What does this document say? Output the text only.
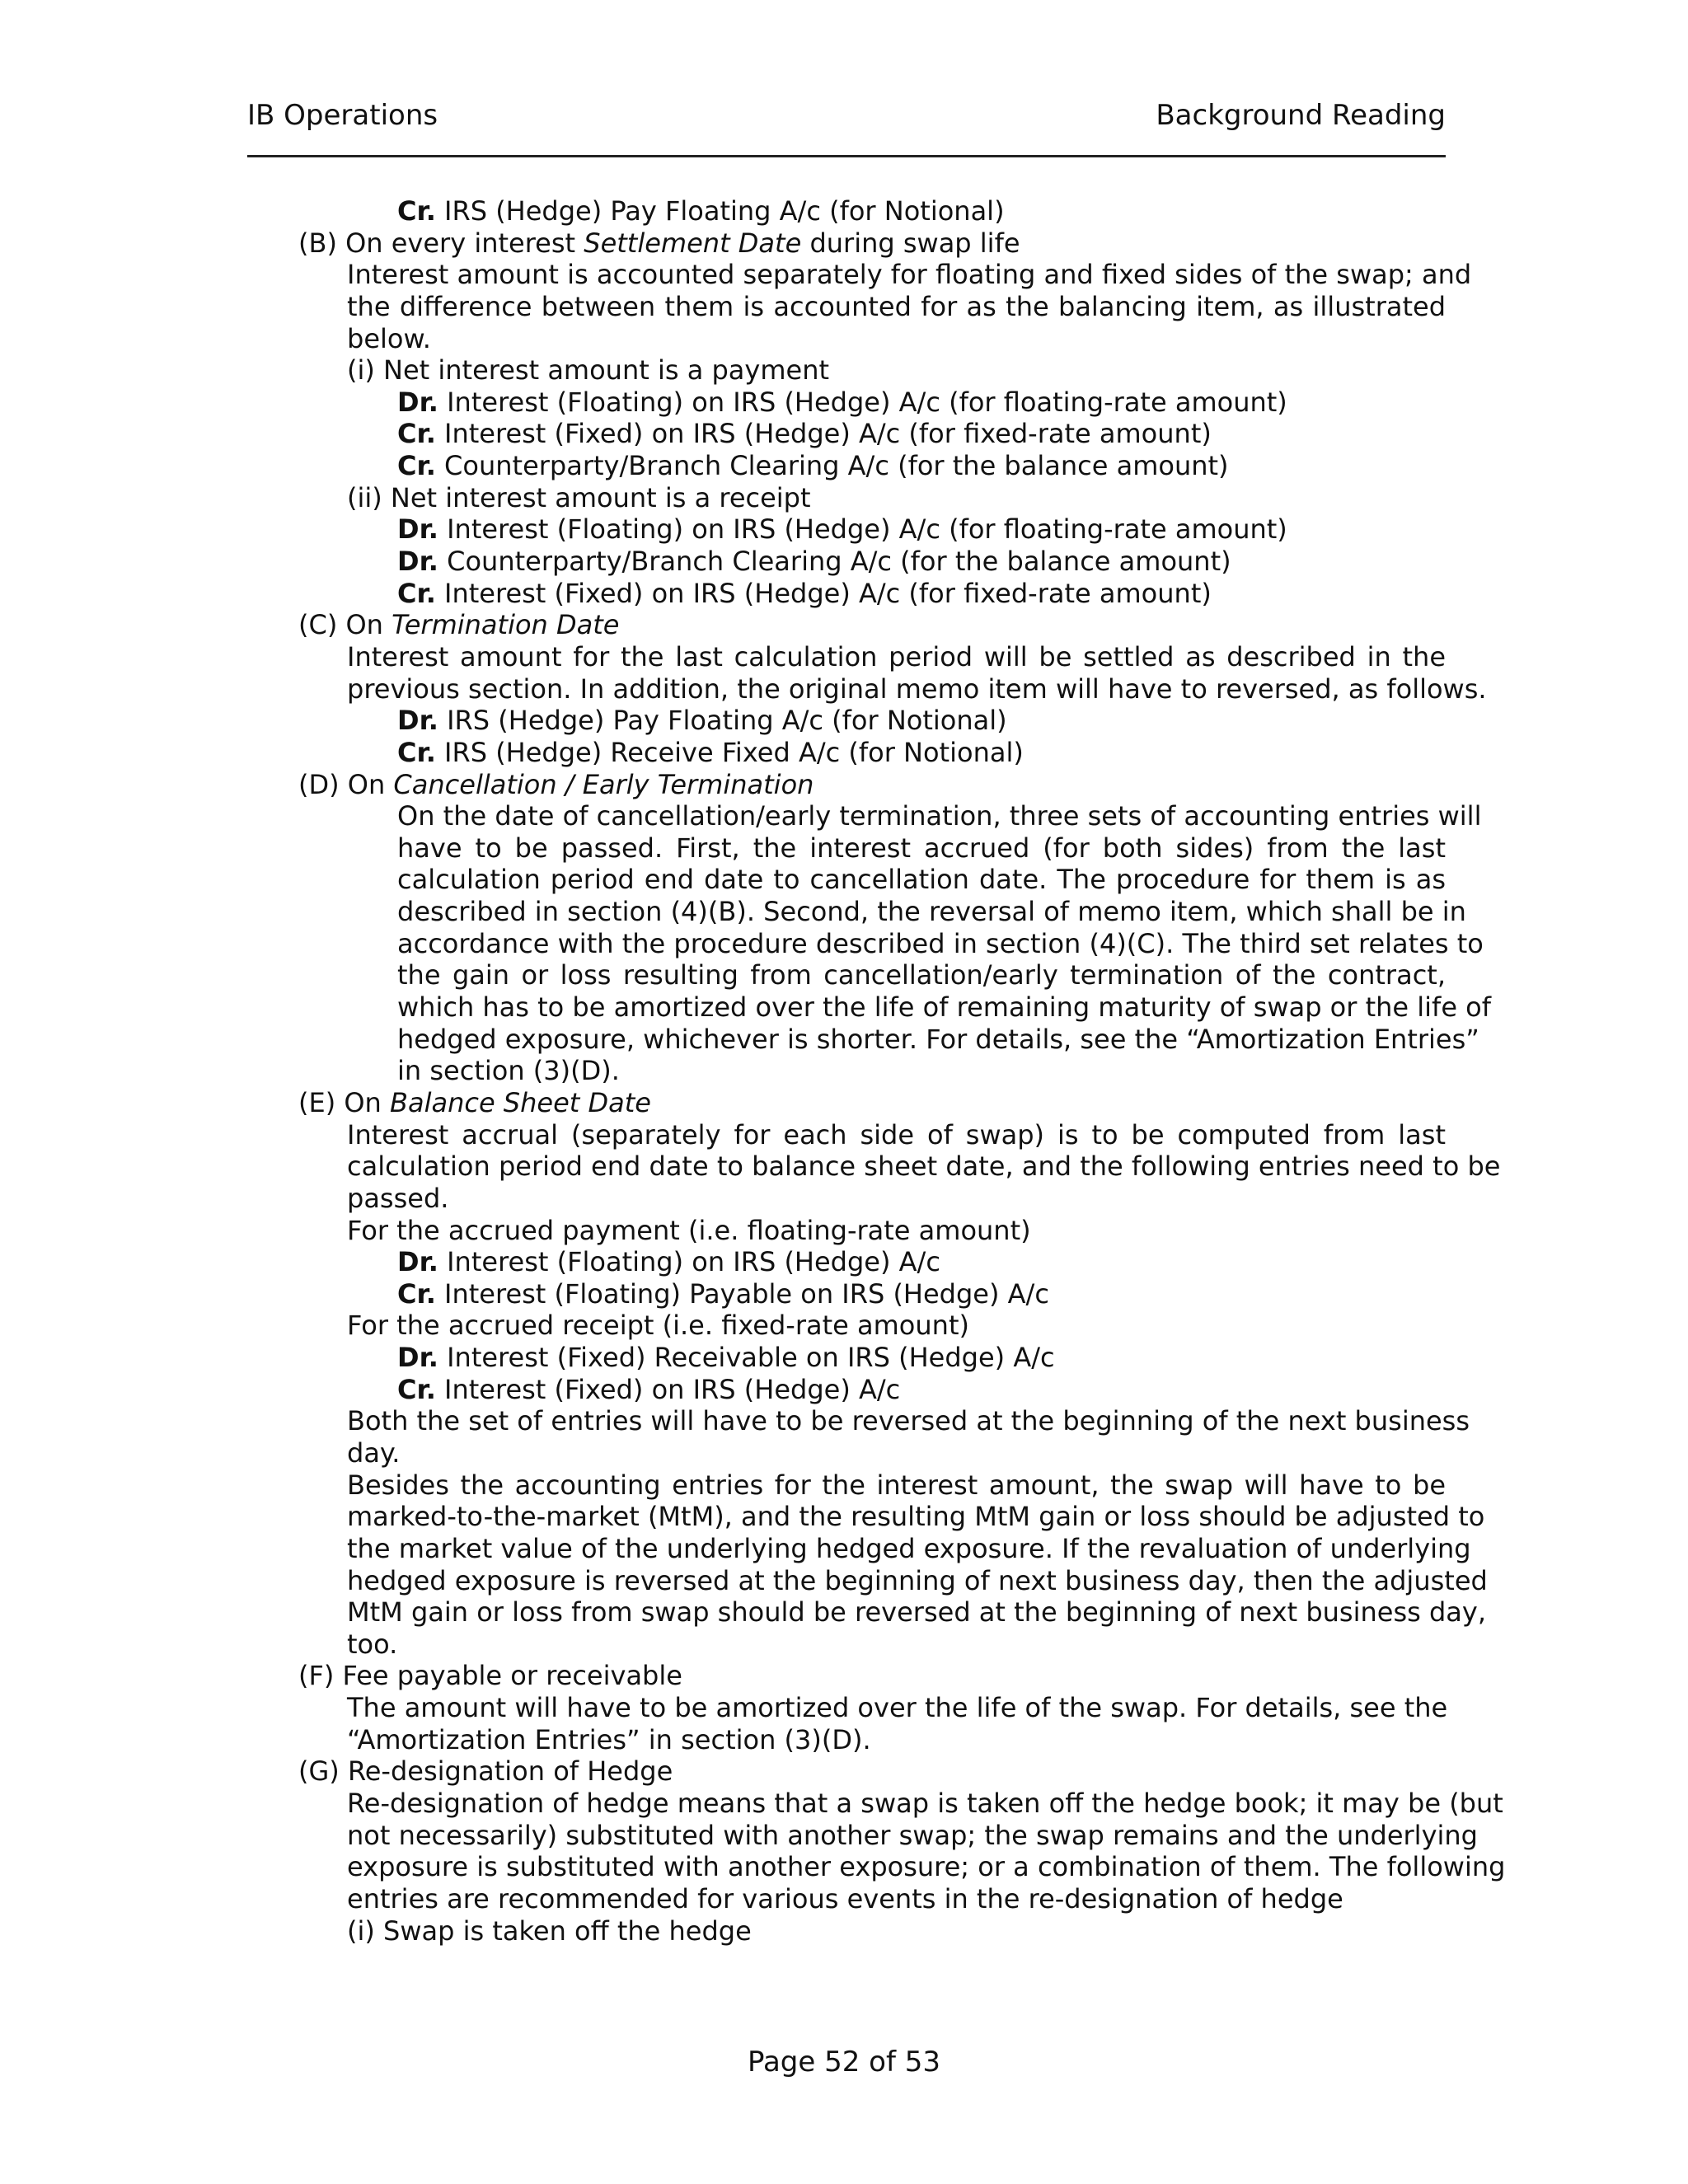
IB Operations	Background Reading
Cr. IRS (Hedge) Pay Floating A/c (for Notional)
(B) On every interest Settlement Date during swap life
Interest amount is accounted separately for floating and fixed sides of the swap; and
the difference between them is accounted for as the balancing item, as illustrated
below.
(i) Net interest amount is a payment
Dr. Interest (Floating) on IRS (Hedge) A/c (for floating-rate amount)
Cr. Interest (Fixed) on IRS (Hedge) A/c (for fixed-rate amount)
Cr. Counterparty/Branch Clearing A/c (for the balance amount)
(ii) Net interest amount is a receipt
Dr. Interest (Floating) on IRS (Hedge) A/c (for floating-rate amount)
Dr. Counterparty/Branch Clearing A/c (for the balance amount)
Cr. Interest (Fixed) on IRS (Hedge) A/c (for fixed-rate amount)
(C) On Termination Date
Interest amount for the last calculation period will be settled as described in the
previous section. In addition, the original memo item will have to reversed, as follows.
Dr. IRS (Hedge) Pay Floating A/c (for Notional)
Cr. IRS (Hedge) Receive Fixed A/c (for Notional)
(D) On Cancellation / Early Termination
On the date of cancellation/early termination, three sets of accounting entries will
have to be passed. First, the interest accrued (for both sides) from the last
calculation period end date to cancellation date. The procedure for them is as
described in section (4)(B). Second, the reversal of memo item, which shall be in
accordance with the procedure described in section (4)(C). The third set relates to
the gain or loss resulting from cancellation/early termination of the contract,
which has to be amortized over the life of remaining maturity of swap or the life of
hedged exposure, whichever is shorter. For details, see the “Amortization Entries”
in section (3)(D).
(E) On Balance Sheet Date
Interest accrual (separately for each side of swap) is to be computed from last
calculation period end date to balance sheet date, and the following entries need to be
passed.
For the accrued payment (i.e. floating-rate amount)
Dr. Interest (Floating) on IRS (Hedge) A/c
Cr. Interest (Floating) Payable on IRS (Hedge) A/c
For the accrued receipt (i.e. fixed-rate amount)
Dr. Interest (Fixed) Receivable on IRS (Hedge) A/c
Cr. Interest (Fixed) on IRS (Hedge) A/c
Both the set of entries will have to be reversed at the beginning of the next business
day.
Besides the accounting entries for the interest amount, the swap will have to be
marked-to-the-market (MtM), and the resulting MtM gain or loss should be adjusted to
the market value of the underlying hedged exposure. If the revaluation of underlying
hedged exposure is reversed at the beginning of next business day, then the adjusted
MtM gain or loss from swap should be reversed at the beginning of next business day,
too.
(F) Fee payable or receivable
The amount will have to be amortized over the life of the swap. For details, see the
“Amortization Entries” in section (3)(D).
(G) Re-designation of Hedge
Re-designation of hedge means that a swap is taken off the hedge book; it may be (but
not necessarily) substituted with another swap; the swap remains and the underlying
exposure is substituted with another exposure; or a combination of them. The following
entries are recommended for various events in the re-designation of hedge
(i) Swap is taken off the hedge
Page 52 of 53
